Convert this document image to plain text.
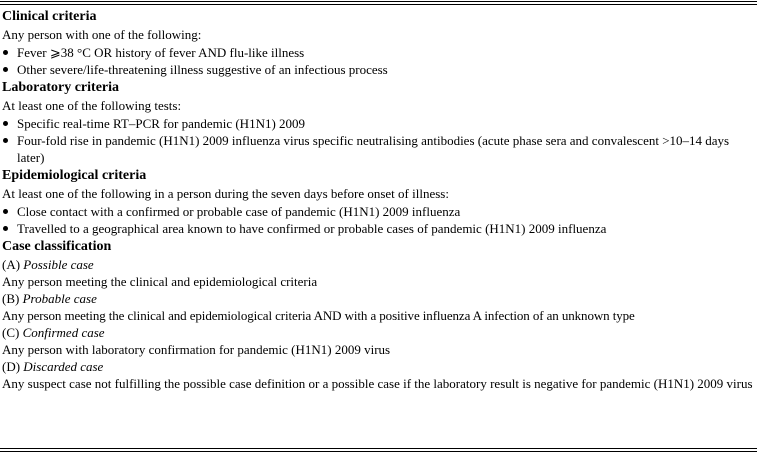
Clinical criteria

Any person with one of the following:

Fever ⩾38 °C OR history of fever AND flu-like illness
Other severe/life-threatening illness suggestive of an infectious process

Laboratory criteria

At least one of the following tests:

Specific real-time RT–PCR for pandemic (H1N1) 2009
Four-fold rise in pandemic (H1N1) 2009 influenza virus specific neutralising antibodies (acute phase sera and convalescent >10–14 days later)

Epidemiological criteria

At least one of the following in a person during the seven days before onset of illness:

Close contact with a confirmed or probable case of pandemic (H1N1) 2009 influenza
Travelled to a geographical area known to have confirmed or probable cases of pandemic (H1N1) 2009 influenza

Case classification

(A) Possible case

Any person meeting the clinical and epidemiological criteria

(B) Probable case

Any person meeting the clinical and epidemiological criteria AND with a positive influenza A infection of an unknown type

(C) Confirmed case

Any person with laboratory confirmation for pandemic (H1N1) 2009 virus

(D) Discarded case

Any suspect case not fulfilling the possible case definition or a possible case if the laboratory result is negative for pandemic (H1N1) 2009 virus
